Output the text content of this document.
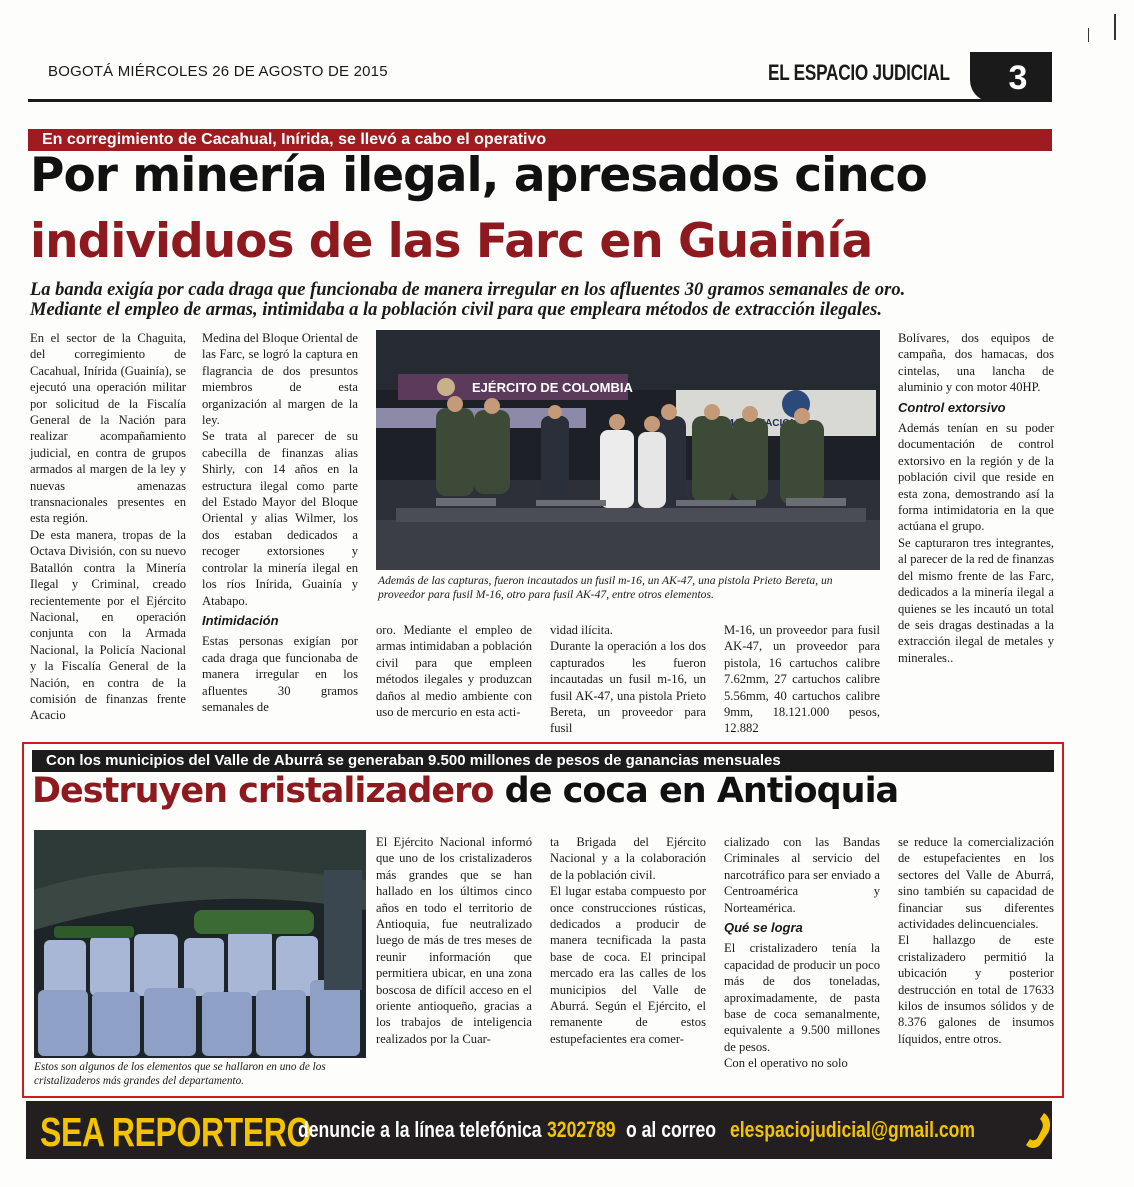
BOGOTÁ MIÉRCOLES 26 DE AGOSTO DE 2015	EL ESPACIO JUDICIAL	3
En corregimiento de Cacahual, Inírida, se llevó a cabo el operativo
Por minería ilegal, apresados cinco
individuos de las Farc en Guainía
La banda exigía por cada draga que funcionaba de manera irregular en los afluentes 30 gramos semanales de oro.
Mediante el empleo de armas, intimidaba a la población civil para que empleara métodos de extracción ilegales.

En el sector de la Chaguita, del corregimiento de Cacahual, Inírida (Guainía), se ejecutó una operación militar por solicitud de la Fiscalía General de la Nación para realizar acompañamiento judicial, en contra de grupos armados al margen de la ley y nuevas amenazas transnacionales presentes en esta región.

De esta manera, tropas de la Octava División, con su nuevo Batallón contra la Minería Ilegal y Criminal, creado recientemente por el Ejército Nacional, en operación conjunta con la Armada Nacional, la Policía Nacional y la Fiscalía General de la Nación, en contra de la comisión de finanzas frente Acacio

Medina del Bloque Oriental de las Farc, se logró la captura en flagrancia de dos presuntos miembros de esta organización al margen de la ley.

Se trata al parecer de su cabecilla de finanzas alias Shirly, con 14 años en la estructura ilegal como parte del Estado Mayor del Bloque Oriental y alias Wilmer, los dos estaban dedicados a recoger extorsiones y controlar la minería ilegal en los ríos Inírida, Guainía y Atabapo.

Intimidación

Estas personas exigían por cada draga que funcionaba de manera irregular en los afluentes 30 gramos semanales de

EJÉRCITO DE COLOMBIA
ARMADA
Además de las capturas, fueron incautados un fusil m-16, un AK-47, una pistola Prieto Bereta, un proveedor para fusil M-16, otro para fusil AK-47, entre otros elementos.

oro. Mediante el empleo de armas intimidaban a población civil para que empleen métodos ilegales y produzcan daños al medio ambiente con uso de mercurio en esta acti-

vidad ilícita.

Durante la operación a los dos capturados les fueron incautadas un fusil m-16, un fusil AK-47, una pistola Prieto Bereta, un proveedor para fusil

M-16, un proveedor para fusil AK-47, un proveedor para pistola, 16 cartuchos calibre 7.62mm, 27 cartuchos calibre 5.56mm, 40 cartuchos calibre 9mm, 18.121.000 pesos, 12.882

Bolívares, dos equipos de campaña, dos hamacas, dos cintelas, una lancha de aluminio y con motor 40HP.

Control extorsivo

Además tenían en su poder documentación de control extorsivo en la región y de la población civil que reside en esta zona, demostrando así la forma intimidatoria en la que actúana el grupo.

Se capturaron tres integrantes, al parecer de la red de finanzas del mismo frente de las Farc, dedicados a la minería ilegal a quienes se les incautó un total de seis dragas destinadas a la extracción ilegal de metales y minerales..

Con los municipios del Valle de Aburrá se generaban 9.500 millones de pesos de ganancias mensuales
Destruyen cristalizadero de coca en Antioquia
Estos son algunos de los elementos que se hallaron en uno de los cristalizaderos más grandes del departamento.

El Ejército Nacional informó que uno de los cristalizaderos más grandes que se han hallado en los últimos cinco años en todo el territorio de Antioquia, fue neutralizado luego de más de tres meses de reunir información que permitiera ubicar, en una zona boscosa de difícil acceso en el oriente antioqueño, gracias a los trabajos de inteligencia realizados por la Cuar-

ta Brigada del Ejército Nacional y a la colaboración de la población civil.

El lugar estaba compuesto por once construcciones rústicas, dedicados a producir de manera tecnificada la pasta base de coca. El principal mercado era las calles de los municipios del Valle de Aburrá. Según el Ejército, el remanente de estos estupefacientes era comer-

cializado con las Bandas Criminales al servicio del narcotráfico para ser enviado a Centroamérica y Norteamérica.

Qué se logra

El cristalizadero tenía la capacidad de producir un poco más de dos toneladas, aproximadamente, de pasta base de coca semanalmente, equivalente a 9.500 millones de pesos.

Con el operativo no solo

se reduce la comercialización de estupefacientes en los sectores del Valle de Aburrá, sino también su capacidad de financiar sus diferentes actividades delincuenciales.

El hallazgo de este cristalizadero permitió la ubicación y posterior destrucción en total de 17633 kilos de insumos sólidos y de 8.376 galones de insumos líquidos, entre otros.

SEA REPORTERO
denuncie a la línea telefónica 3202789 o al correo elespaciojudicial@gmail.com
